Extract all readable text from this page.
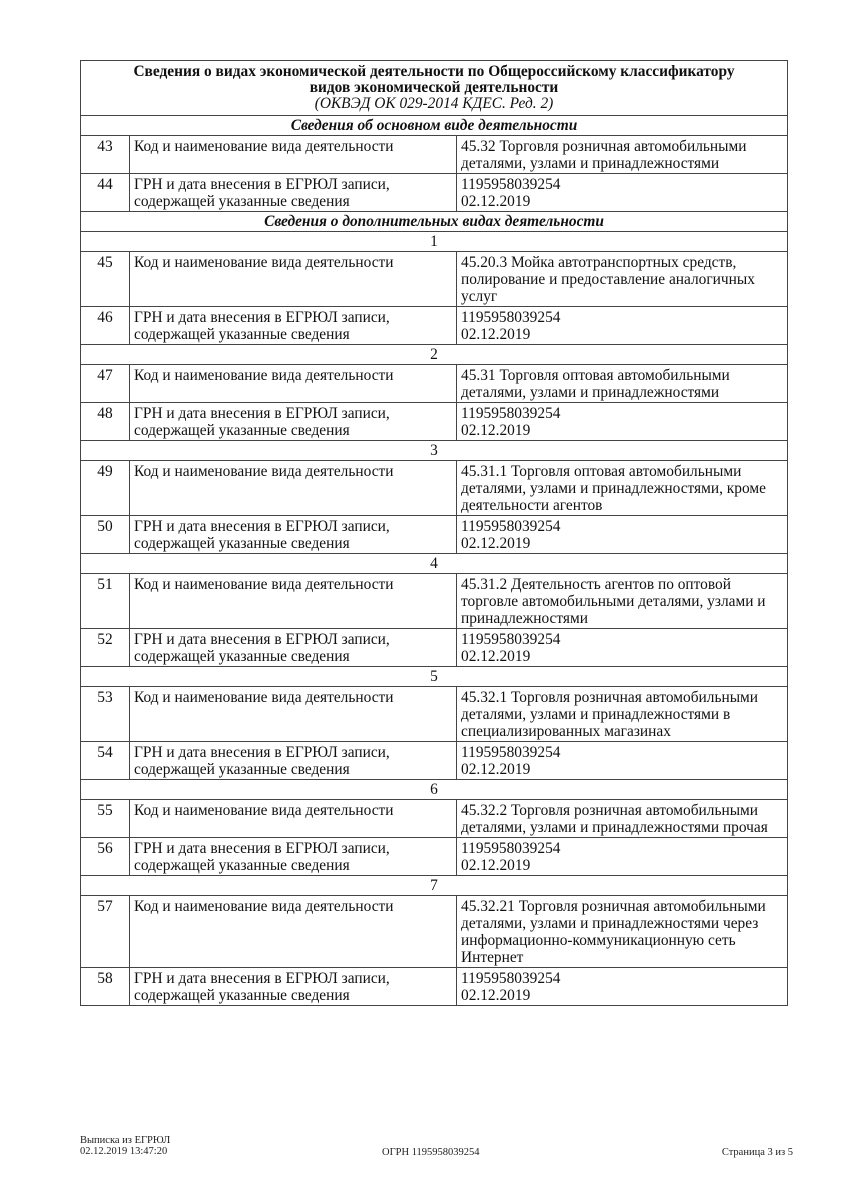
Сведения о видах экономической деятельности по Общероссийскому классификатору
видов экономической деятельности
(ОКВЭД ОК 029-2014 КДЕС. Ред. 2)		

Сведения об основном виде деятельности		
43	Код и наименование вида деятельности	45.32 Торговля розничная автомобильными деталями, узлами и принадлежностями
44	ГРН и дата внесения в ЕГРЮЛ записи, содержащей указанные сведения	1195958039254
02.12.2019

Сведения о дополнительных видах деятельности		
1		
45	Код и наименование вида деятельности	45.20.3 Мойка автотранспортных средств, полирование и предоставление аналогичных услуг
46	ГРН и дата внесения в ЕГРЮЛ записи, содержащей указанные сведения	1195958039254
02.12.2019

2		
47	Код и наименование вида деятельности	45.31 Торговля оптовая автомобильными деталями, узлами и принадлежностями
48	ГРН и дата внесения в ЕГРЮЛ записи, содержащей указанные сведения	1195958039254
02.12.2019

3		
49	Код и наименование вида деятельности	45.31.1 Торговля оптовая автомобильными деталями, узлами и принадлежностями, кроме деятельности агентов
50	ГРН и дата внесения в ЕГРЮЛ записи, содержащей указанные сведения	1195958039254
02.12.2019

4		
51	Код и наименование вида деятельности	45.31.2 Деятельность агентов по оптовой торговле автомобильными деталями, узлами и принадлежностями
52	ГРН и дата внесения в ЕГРЮЛ записи, содержащей указанные сведения	1195958039254
02.12.2019

5		
53	Код и наименование вида деятельности	45.32.1 Торговля розничная автомобильными деталями, узлами и принадлежностями в специализированных магазинах
54	ГРН и дата внесения в ЕГРЮЛ записи, содержащей указанные сведения	1195958039254
02.12.2019

6		
55	Код и наименование вида деятельности	45.32.2 Торговля розничная автомобильными деталями, узлами и принадлежностями прочая
56	ГРН и дата внесения в ЕГРЮЛ записи, содержащей указанные сведения	1195958039254
02.12.2019

7		
57	Код и наименование вида деятельности	45.32.21 Торговля розничная автомобильными деталями, узлами и принадлежностями через информационно-коммуникационную сеть Интернет
58	ГРН и дата внесения в ЕГРЮЛ записи, содержащей указанные сведения	1195958039254
02.12.2019
Выписка из ЕГРЮЛ
02.12.2019 13:47:20	ОГРН 1195958039254	Страница 3 из 5
